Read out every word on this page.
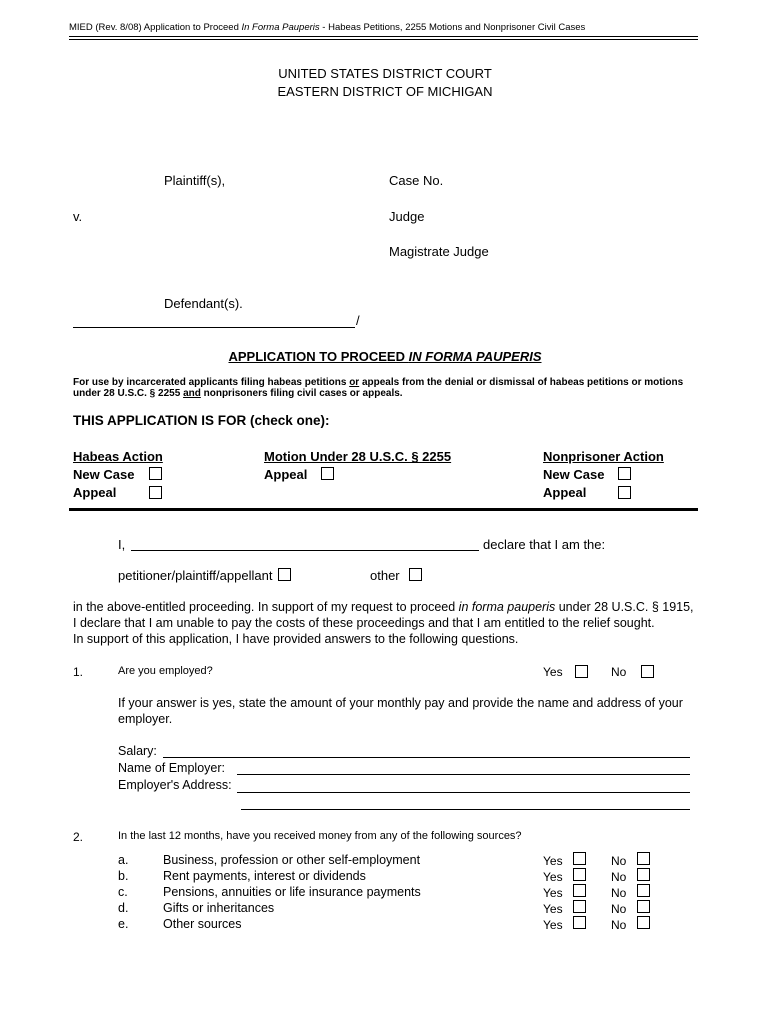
MIED (Rev. 8/08) Application to Proceed In Forma Pauperis - Habeas Petitions, 2255 Motions and Nonprisoner Civil Cases
UNITED STATES DISTRICT COURT
EASTERN DISTRICT OF MICHIGAN
Plaintiff(s),	Case No.
v.	Judge
Magistrate Judge
Defendant(s).
/
APPLICATION TO PROCEED IN FORMA PAUPERIS
For use by incarcerated applicants filing habeas petitions or appeals from the denial or dismissal of habeas petitions or motions under 28 U.S.C. § 2255 and nonprisoners filing civil cases or appeals.
THIS APPLICATION IS FOR (check one):
Habeas Action
New Case
Appeal
Motion Under 28 U.S.C. § 2255
Appeal
Nonprisoner Action
New Case
Appeal
I,	declare that I am the:
petitioner/plaintiff/appellant	other
in the above-entitled proceeding. In support of my request to proceed in forma pauperis under 28 U.S.C. § 1915,
I declare that I am unable to pay the costs of these proceedings and that I am entitled to the relief sought.
In support of this application, I have provided answers to the following questions.
1.	Are you employed?	Yes	No
If your answer is yes, state the amount of your monthly pay and provide the name and address of your employer.
Salary:
Name of Employer:
Employer's Address:
2.	In the last 12 months, have you received money from any of the following sources?
a.	Business, profession or other self-employment	Yes	No
b.	Rent payments, interest or dividends	Yes	No
c.	Pensions, annuities or life insurance payments	Yes	No
d.	Gifts or inheritances	Yes	No
e.	Other sources	Yes	No
